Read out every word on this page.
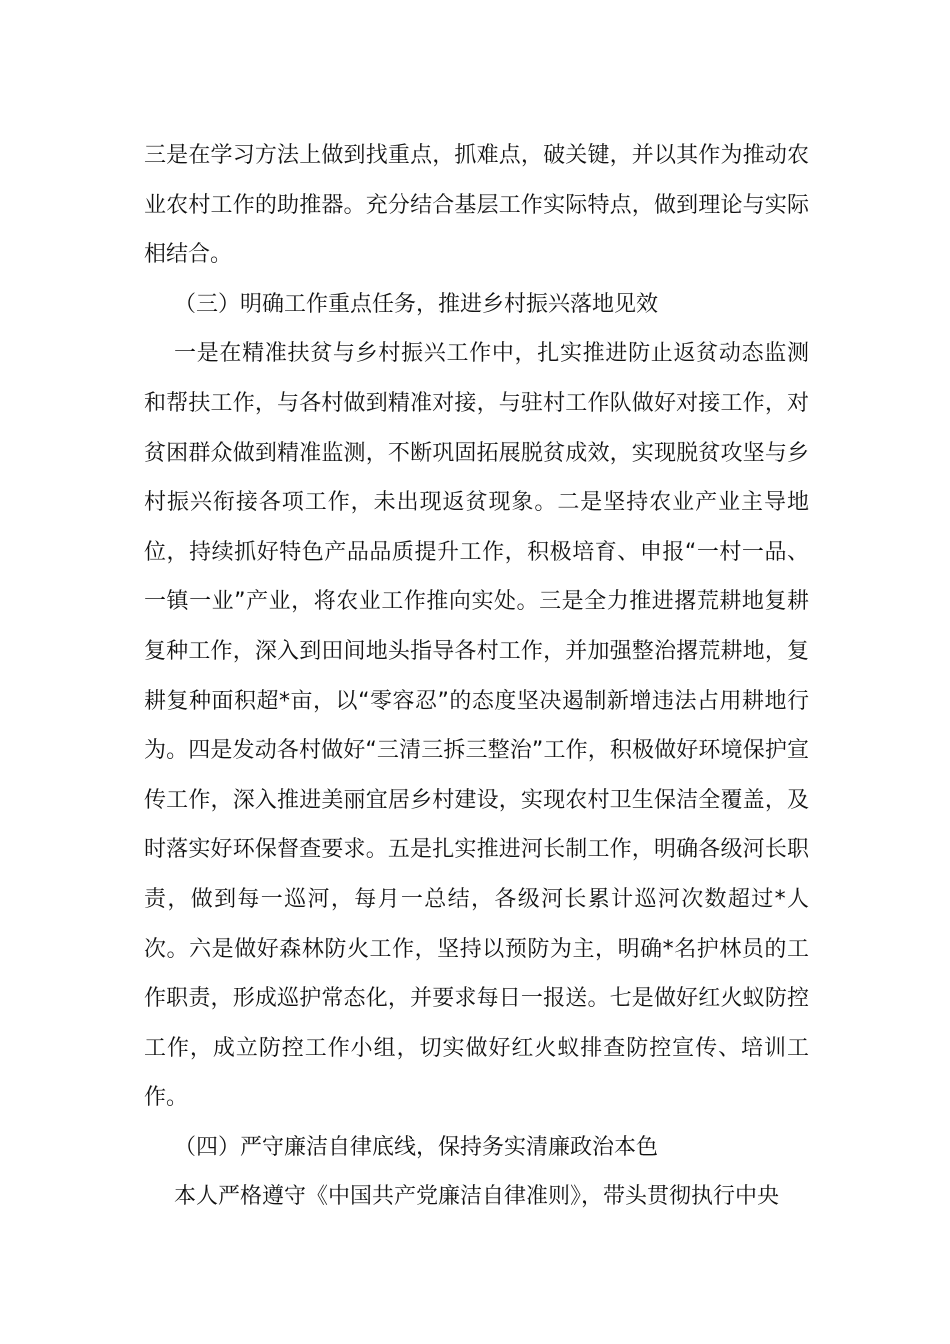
三是在学习方法上做到找重点，抓难点，破关键，并以其作为推动农业农村工作的助推器。充分结合基层工作实际特点，做到理论与实际相结合。

（三）明确工作重点任务，推进乡村振兴落地见效

一是在精准扶贫与乡村振兴工作中，扎实推进防止返贫动态监测和帮扶工作，与各村做到精准对接，与驻村工作队做好对接工作，对贫困群众做到精准监测，不断巩固拓展脱贫成效，实现脱贫攻坚与乡村振兴衔接各项工作，未出现返贫现象。二是坚持农业产业主导地位，持续抓好特色产品品质提升工作，积极培育、申报“一村一品、一镇一业”产业，将农业工作推向实处。三是全力推进撂荒耕地复耕复种工作，深入到田间地头指导各村工作，并加强整治撂荒耕地，复耕复种面积超*亩，以“零容忍”的态度坚决遏制新增违法占用耕地行为。四是发动各村做好“三清三拆三整治”工作，积极做好环境保护宣传工作，深入推进美丽宜居乡村建设，实现农村卫生保洁全覆盖，及时落实好环保督查要求。五是扎实推进河长制工作，明确各级河长职责，做到每一巡河，每月一总结，各级河长累计巡河次数超过*人次。六是做好森林防火工作，坚持以预防为主，明确*名护林员的工作职责，形成巡护常态化，并要求每日一报送。七是做好红火蚁防控工作，成立防控工作小组，切实做好红火蚁排查防控宣传、培训工作。

（四）严守廉洁自律底线，保持务实清廉政治本色

本人严格遵守《中国共产党廉洁自律准则》，带头贯彻执行中央
